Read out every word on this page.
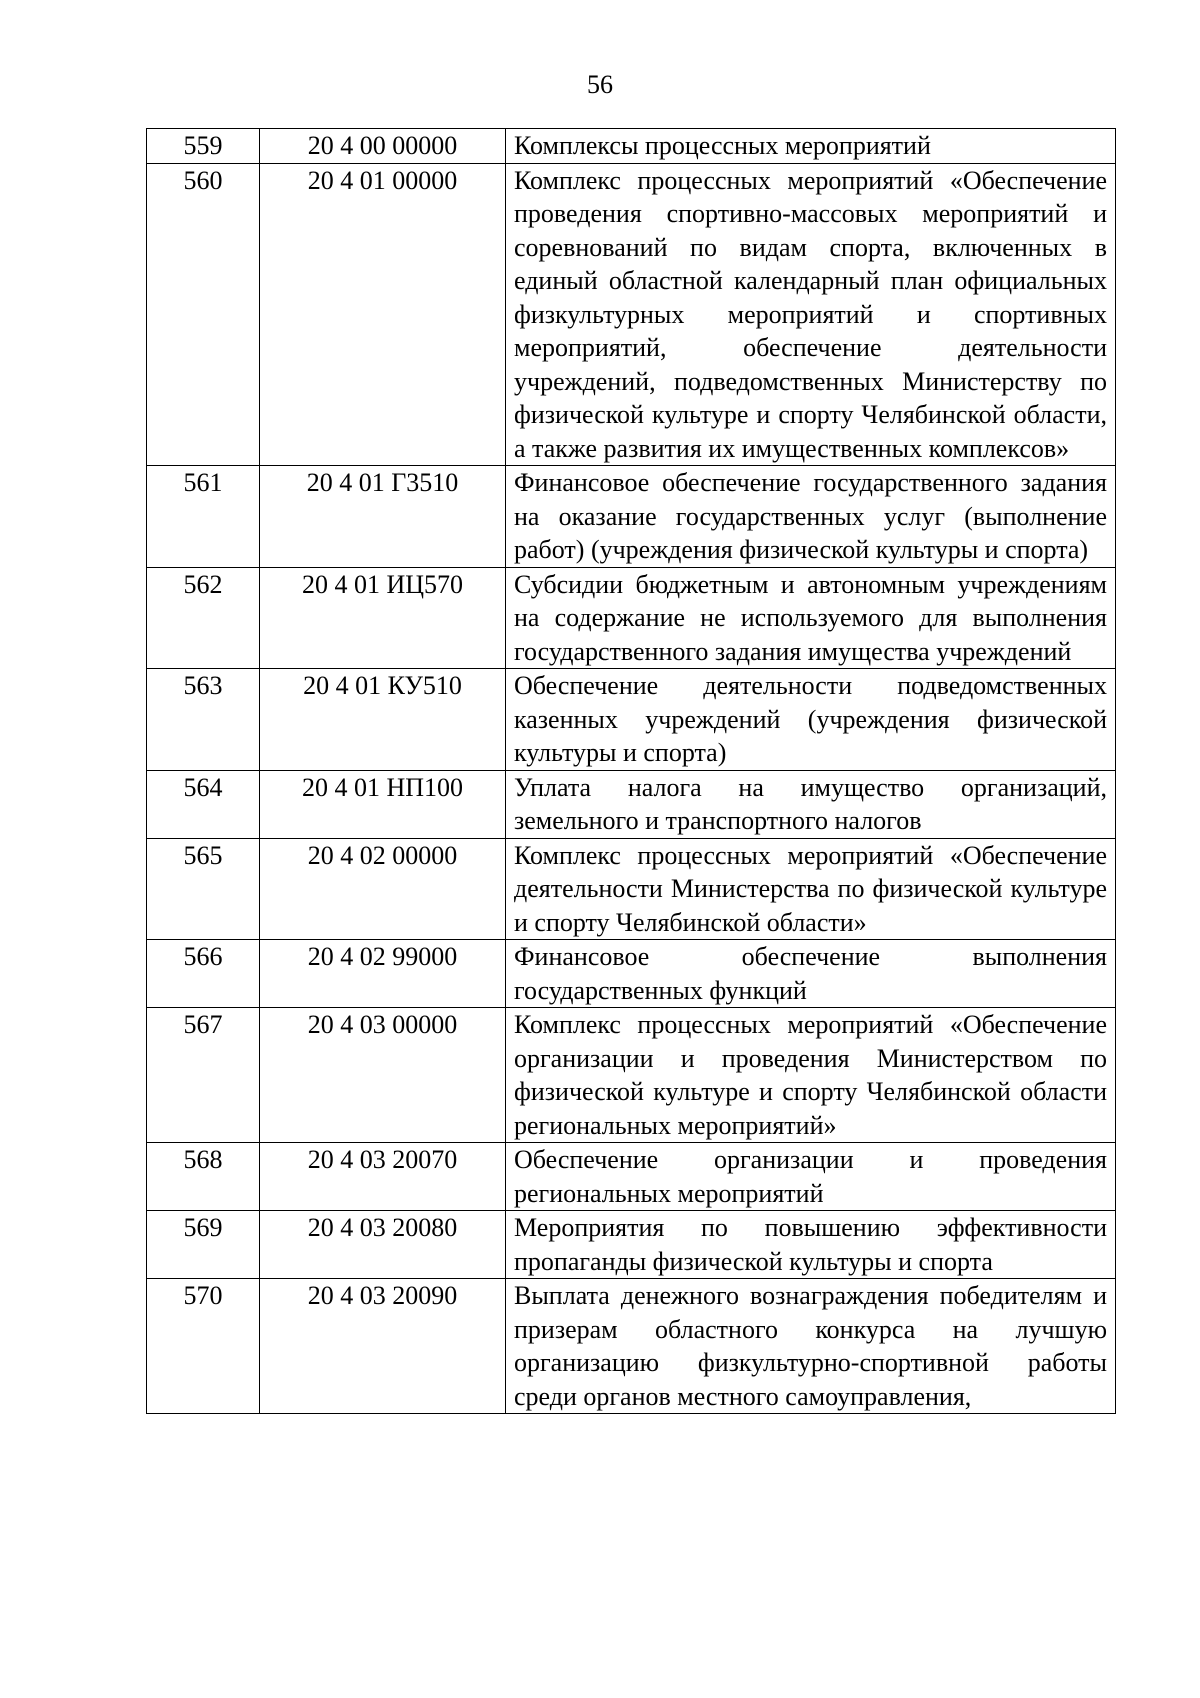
56
559	20 4 00 00000	Комплексы процессных мероприятий
560	20 4 01 00000	Комплекс процессных мероприятий «Обеспечение проведения спортивно-массовых мероприятий и соревнований по видам спорта, включенных в единый областной календарный план официальных физкультурных мероприятий и спортивных мероприятий, обеспечение деятельности учреждений, подведомственных Министерству по физической культуре и спорту Челябинской области, а также развития их имущественных комплексов»
561	20 4 01 Г3510	Финансовое обеспечение государственного задания на оказание государственных услуг (выполнение работ) (учреждения физической культуры и спорта)
562	20 4 01 ИЦ570	Субсидии бюджетным и автономным учреждениям на содержание не используемого для выполнения государственного задания имущества учреждений
563	20 4 01 КУ510	Обеспечение деятельности подведомственных казенных учреждений (учреждения физической культуры и спорта)
564	20 4 01 НП100	Уплата налога на имущество организаций, земельного и транспортного налогов
565	20 4 02 00000	Комплекс процессных мероприятий «Обеспечение деятельности Министерства по физической культуре и спорту Челябинской области»
566	20 4 02 99000	Финансовое обеспечение выполнения государственных функций
567	20 4 03 00000	Комплекс процессных мероприятий «Обеспечение организации и проведения Министерством по физической культуре и спорту Челябинской области региональных мероприятий»
568	20 4 03 20070	Обеспечение организации и проведения региональных мероприятий
569	20 4 03 20080	Мероприятия по повышению эффективности пропаганды физической культуры и спорта
570	20 4 03 20090	Выплата денежного вознаграждения победителям и призерам областного конкурса на лучшую организацию физкультурно-спортивной работы среди органов местного самоуправления,
